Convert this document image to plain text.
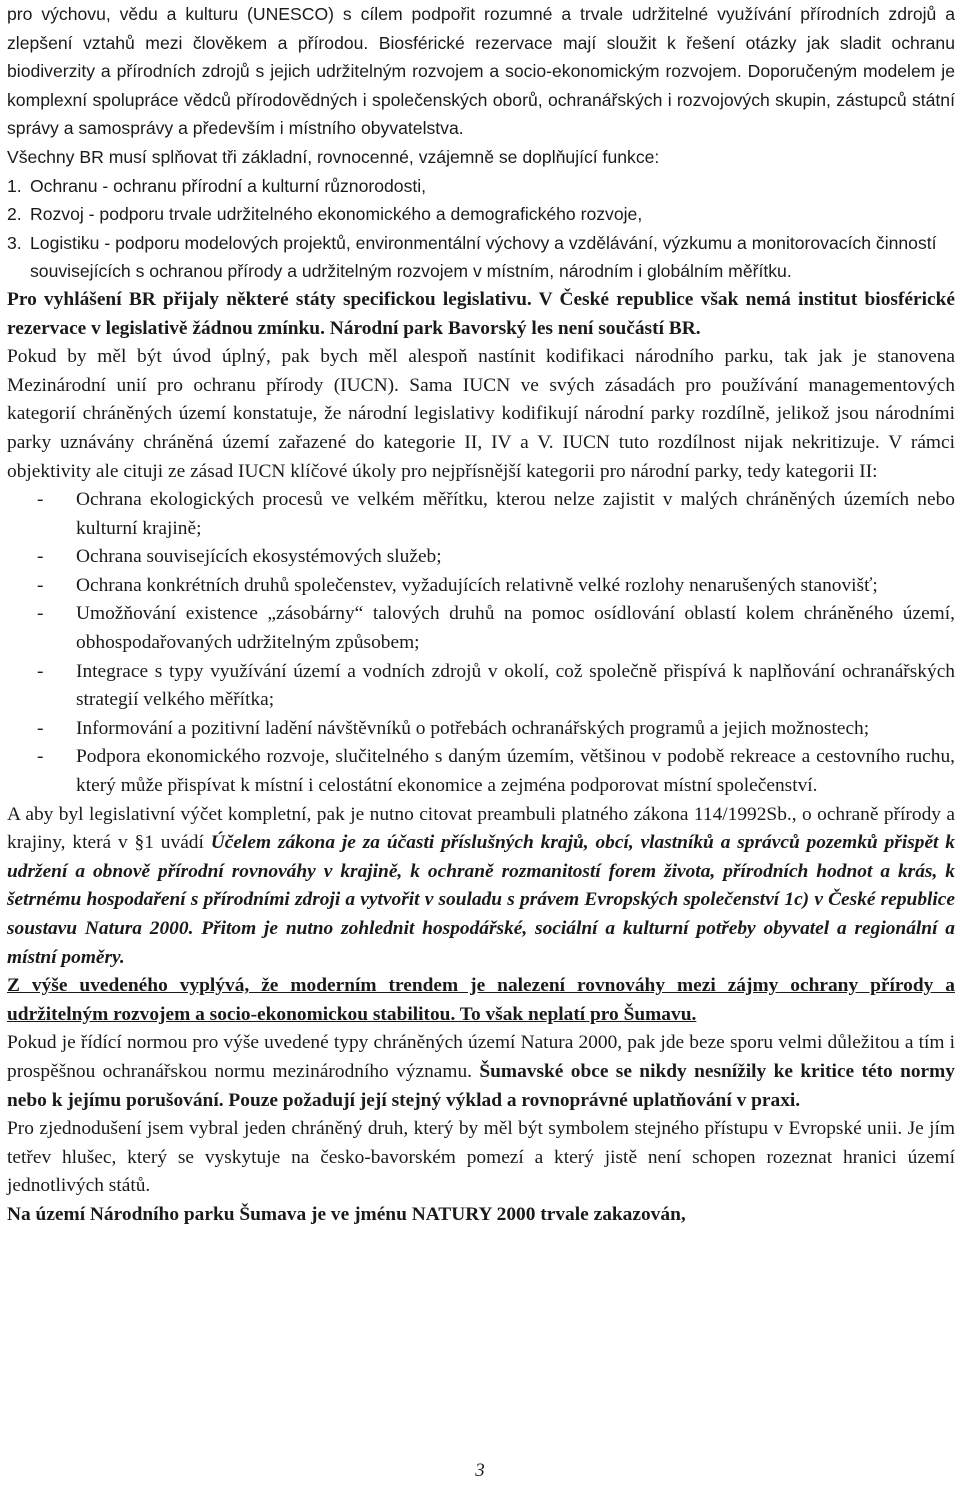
pro výchovu, vědu a kulturu (UNESCO) s cílem podpořit rozumné a trvale udržitelné využívání přírodních zdrojů a zlepšení vztahů mezi člověkem a přírodou. Biosférické rezervace mají sloužit k řešení otázky jak sladit ochranu biodiverzity a přírodních zdrojů s jejich udržitelným rozvojem a socio-ekonomickým rozvojem. Doporučeným modelem je komplexní spolupráce vědců přírodovědných i společenských oborů, ochranářských i rozvojových skupin, zástupců státní správy a samosprávy a především i místního obyvatelstva.

Všechny BR musí splňovat tři základní, rovnocenné, vzájemně se doplňující funkce:

1. Ochranu - ochranu přírodní a kulturní různorodosti,

2. Rozvoj - podporu trvale udržitelného ekonomického a demografického rozvoje,

3. Logistiku - podporu modelových projektů, environmentální výchovy a vzdělávání, výzkumu a monitorovacích činností souvisejících s ochranou přírody a udržitelným rozvojem v místním, národním i globálním měřítku.

Pro vyhlášení BR přijaly některé státy specifickou legislativu. V České republice však nemá institut biosférické rezervace v legislativě žádnou zmínku. Národní park Bavorský les není součástí BR.

Pokud by měl být úvod úplný, pak bych měl alespoň nastínit kodifikaci národního parku, tak jak je stanovena Mezinárodní unií pro ochranu přírody (IUCN). Sama IUCN ve svých zásadách pro používání managementových kategorií chráněných území konstatuje, že národní legislativy kodifikují národní parky rozdílně, jelikož jsou národními parky uznávány chráněná území zařazené do kategorie II, IV a V. IUCN tuto rozdílnost nijak nekritizuje. V rámci objektivity ale cituji ze zásad IUCN klíčové úkoly pro nejpřísnější kategorii pro národní parky, tedy kategorii II:

- Ochrana ekologických procesů ve velkém měřítku, kterou nelze zajistit v malých chráněných územích nebo kulturní krajině;

- Ochrana souvisejících ekosystémových služeb;

- Ochrana konkrétních druhů společenstev, vyžadujících relativně velké rozlohy nenarušených stanovišť;

- Umožňování existence „zásobárny“ talových druhů na pomoc osídlování oblastí kolem chráněného území, obhospodařovaných udržitelným způsobem;

- Integrace s typy využívání území a vodních zdrojů v okolí, což společně přispívá k naplňování ochranářských strategií velkého měřítka;

- Informování a pozitivní ladění návštěvníků o potřebách ochranářských programů a jejich možnostech;

- Podpora ekonomického rozvoje, slučitelného s daným územím, většinou v podobě rekreace a cestovního ruchu, který může přispívat k místní i celostátní ekonomice a zejména podporovat místní společenství.

A aby byl legislativní výčet kompletní, pak je nutno citovat preambuli platného zákona 114/1992Sb., o ochraně přírody a krajiny, která v §1 uvádí Účelem zákona je za účasti příslušných krajů, obcí, vlastníků a správců pozemků přispět k udržení a obnově přírodní rovnováhy v krajině, k ochraně rozmanitostí forem života, přírodních hodnot a krás, k šetrnému hospodaření s přírodními zdroji a vytvořit v souladu s právem Evropských společenství 1c) v České republice soustavu Natura 2000. Přitom je nutno zohlednit hospodářské, sociální a kulturní potřeby obyvatel a regionální a místní poměry.

Z výše uvedeného vyplývá, že moderním trendem je nalezení rovnováhy mezi zájmy ochrany přírody a udržitelným rozvojem a socio-ekonomickou stabilitou. To však neplatí pro Šumavu.

Pokud je řídící normou pro výše uvedené typy chráněných území Natura 2000, pak jde beze sporu velmi důležitou a tím i prospěšnou ochranářskou normu mezinárodního významu. Šumavské obce se nikdy nesnížily ke kritice této normy nebo k jejímu porušování. Pouze požadují její stejný výklad a rovnoprávné uplatňování v praxi.

Pro zjednodušení jsem vybral jeden chráněný druh, který by měl být symbolem stejného přístupu v Evropské unii. Je jím tetřev hlušec, který se vyskytuje na česko-bavorském pomezí a který jistě není schopen rozeznat hranici území jednotlivých států.

Na území Národního parku Šumava je ve jménu NATURY 2000 trvale zakazován,

3
